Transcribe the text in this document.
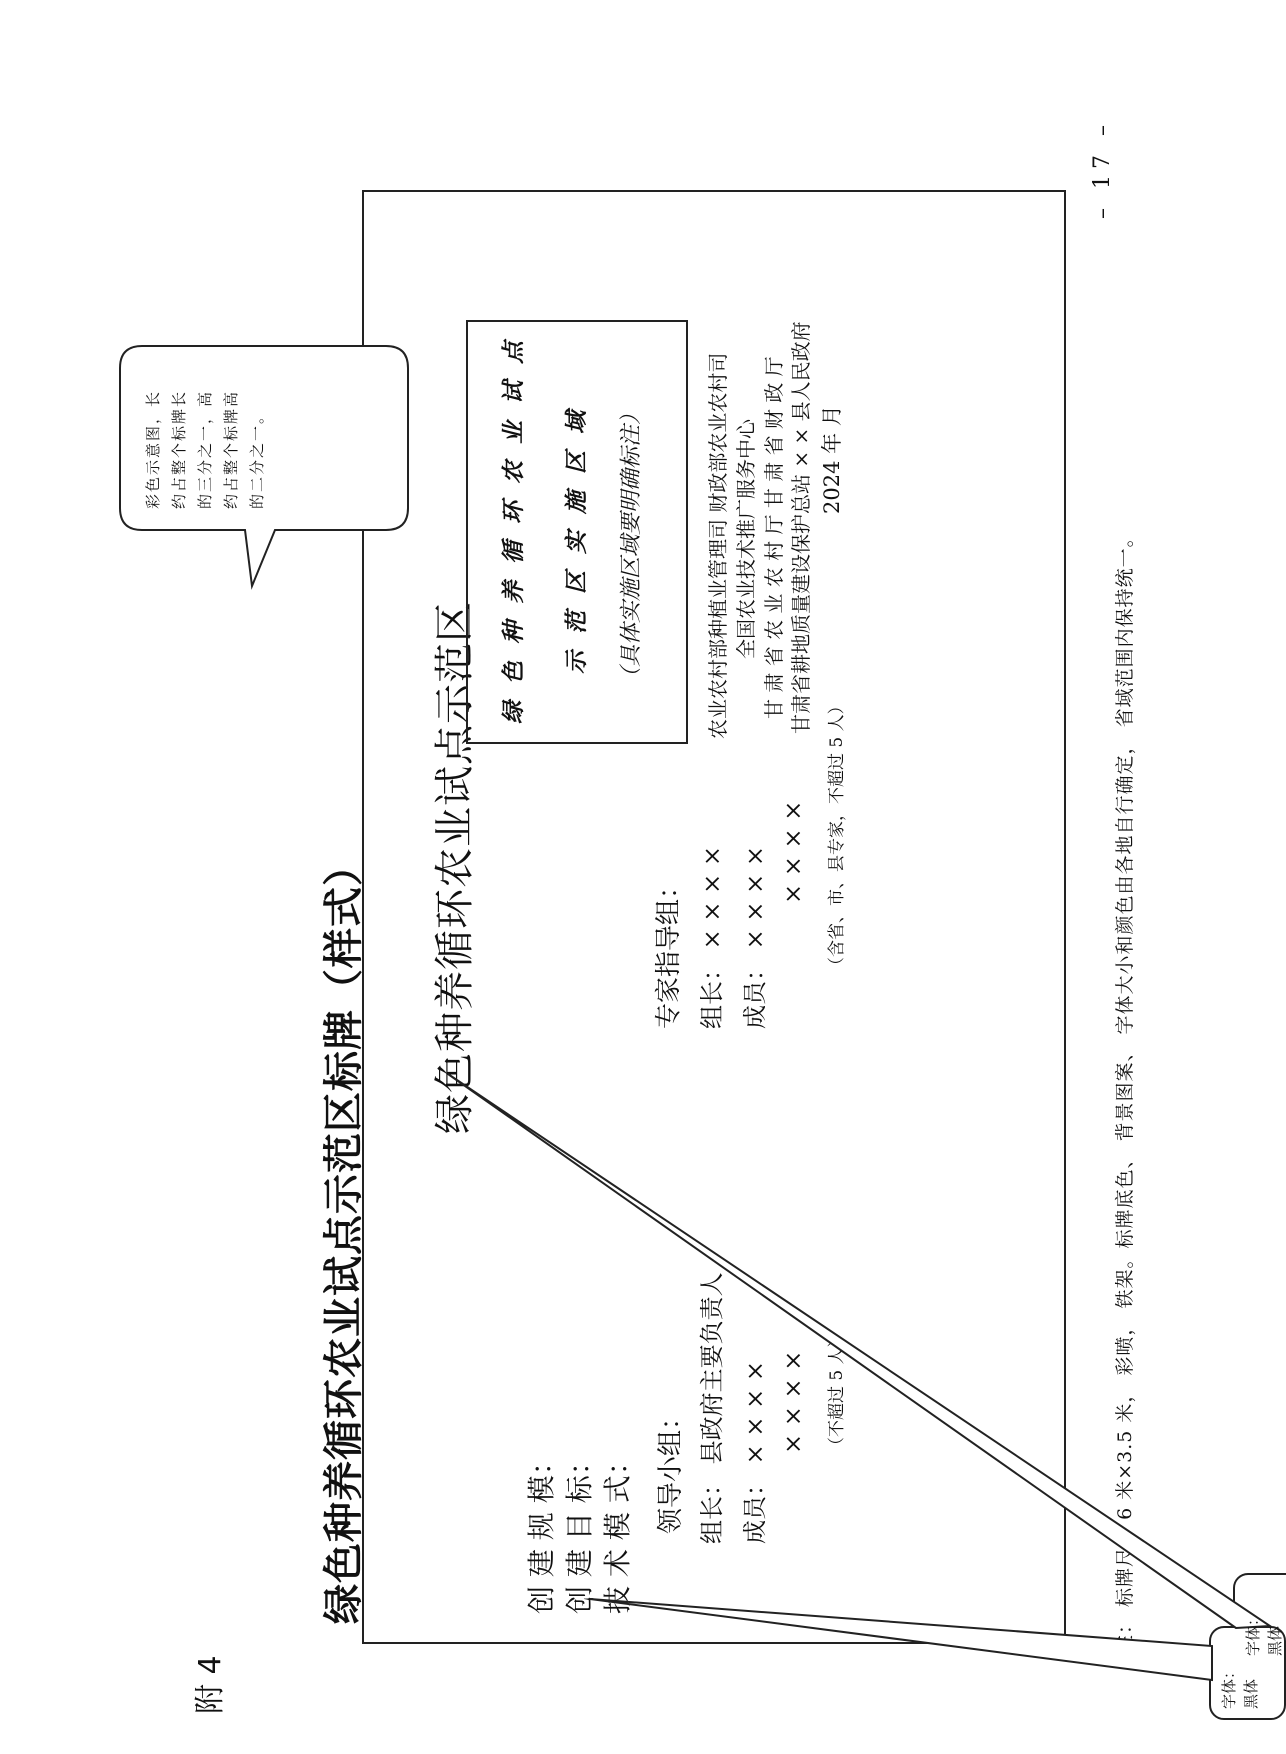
– 17 –
附 4
绿色种养循环农业试点示范区标牌（样式） 绿色种养循环农业试点示范区
创 建 规 模： 创 建 目 标： 技 术 模 式： 领导小组： 组长： 县政府主要负责人 成员： × × × × × × × × （不超过 5 人）
专家指导组： 组长： × × × × 成员： × × × × × × × × （含省、市、县专家，不超过 5 人）
绿色种养循环农业试点 示范区实施区域 （具体实施区域要明确标注）	农业农村部种植业管理司 财政部农业农村司 全国农业技术推广服务中心 甘 肃 省 农 业 农 村 厅 甘 肃 省 财 政 厅 甘肃省耕地质量建设保护总站 × × 县人民政府 2024 年 月
注： 标牌尺寸 6 米×3.5 米， 彩喷， 铁架。标牌底色、 背景图案、 字体大小和颜色由各地自行确定， 省域范围内保持统一。
彩色示意图，长约占整个标牌长的三分之一，高约占整个标牌高的二分之一。
字体： 黑体
字体： 黑体
